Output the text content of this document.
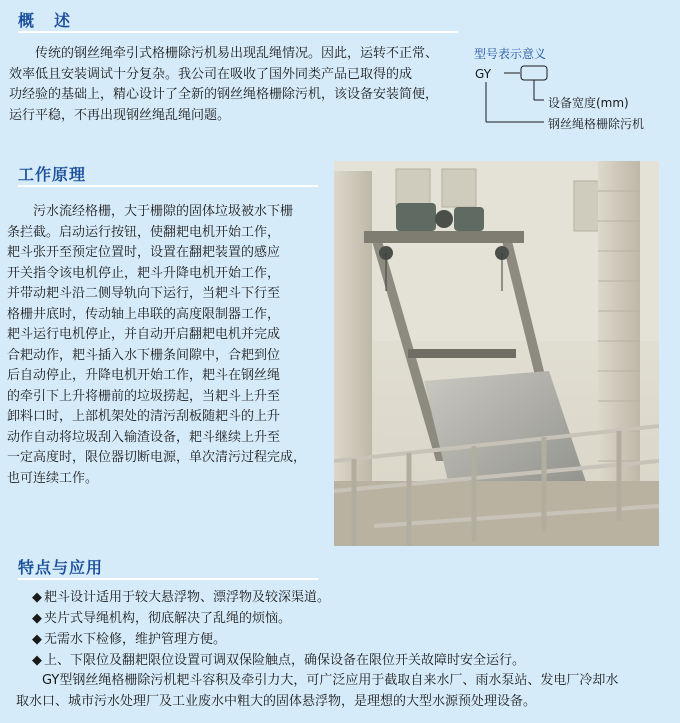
概　述

　　传统的钢丝绳牵引式格栅除污机易出现乱绳情况。因此，运转不正常、
效率低且安装调试十分复杂。我公司在吸收了国外同类产品已取得的成
功经验的基础上，精心设计了全新的钢丝绳格栅除污机，该设备安装简便，
运行平稳，不再出现钢丝绳乱绳问题。

型号表示意义
GY
设备宽度(mm)
钢丝绳格栅除污机
工作原理

　　污水流经格栅，大于栅隙的固体垃圾被水下栅
条拦截。启动运行按钮，使翻耙电机开始工作，
耙斗张开至预定位置时，设置在翻耙装置的感应
开关指令该电机停止，耙斗升降电机开始工作，
并带动耙斗沿二侧导轨向下运行，当耙斗下行至
格栅井底时，传动轴上串联的高度限制器工作，
耙斗运行电机停止，并自动开启翻耙电机并完成
合耙动作，耙斗插入水下栅条间隙中，合耙到位
后自动停止，升降电机开始工作，耙斗在钢丝绳
的牵引下上升将栅前的垃圾捞起，当耙斗上升至
卸料口时，上部机架处的清污刮板随耙斗的上升
动作自动将垃圾刮入输渣设备，耙斗继续上升至
一定高度时，限位器切断电源，单次清污过程完成，
也可连续工作。

特点与应用
◆ 耙斗设计适用于较大悬浮物、漂浮物及较深渠道。
◆ 夹片式导绳机构，彻底解决了乱绳的烦恼。
◆ 无需水下检修，维护管理方便。
◆ 上、下限位及翻耙限位设置可调双保险触点，确保设备在限位开关故障时安全运行。
　　GY型钢丝绳格栅除污机耙斗容积及牵引力大，可广泛应用于截取自来水厂、雨水泵站、发电厂冷却水
取水口、城市污水处理厂及工业废水中粗大的固体悬浮物，是理想的大型水源预处理设备。
